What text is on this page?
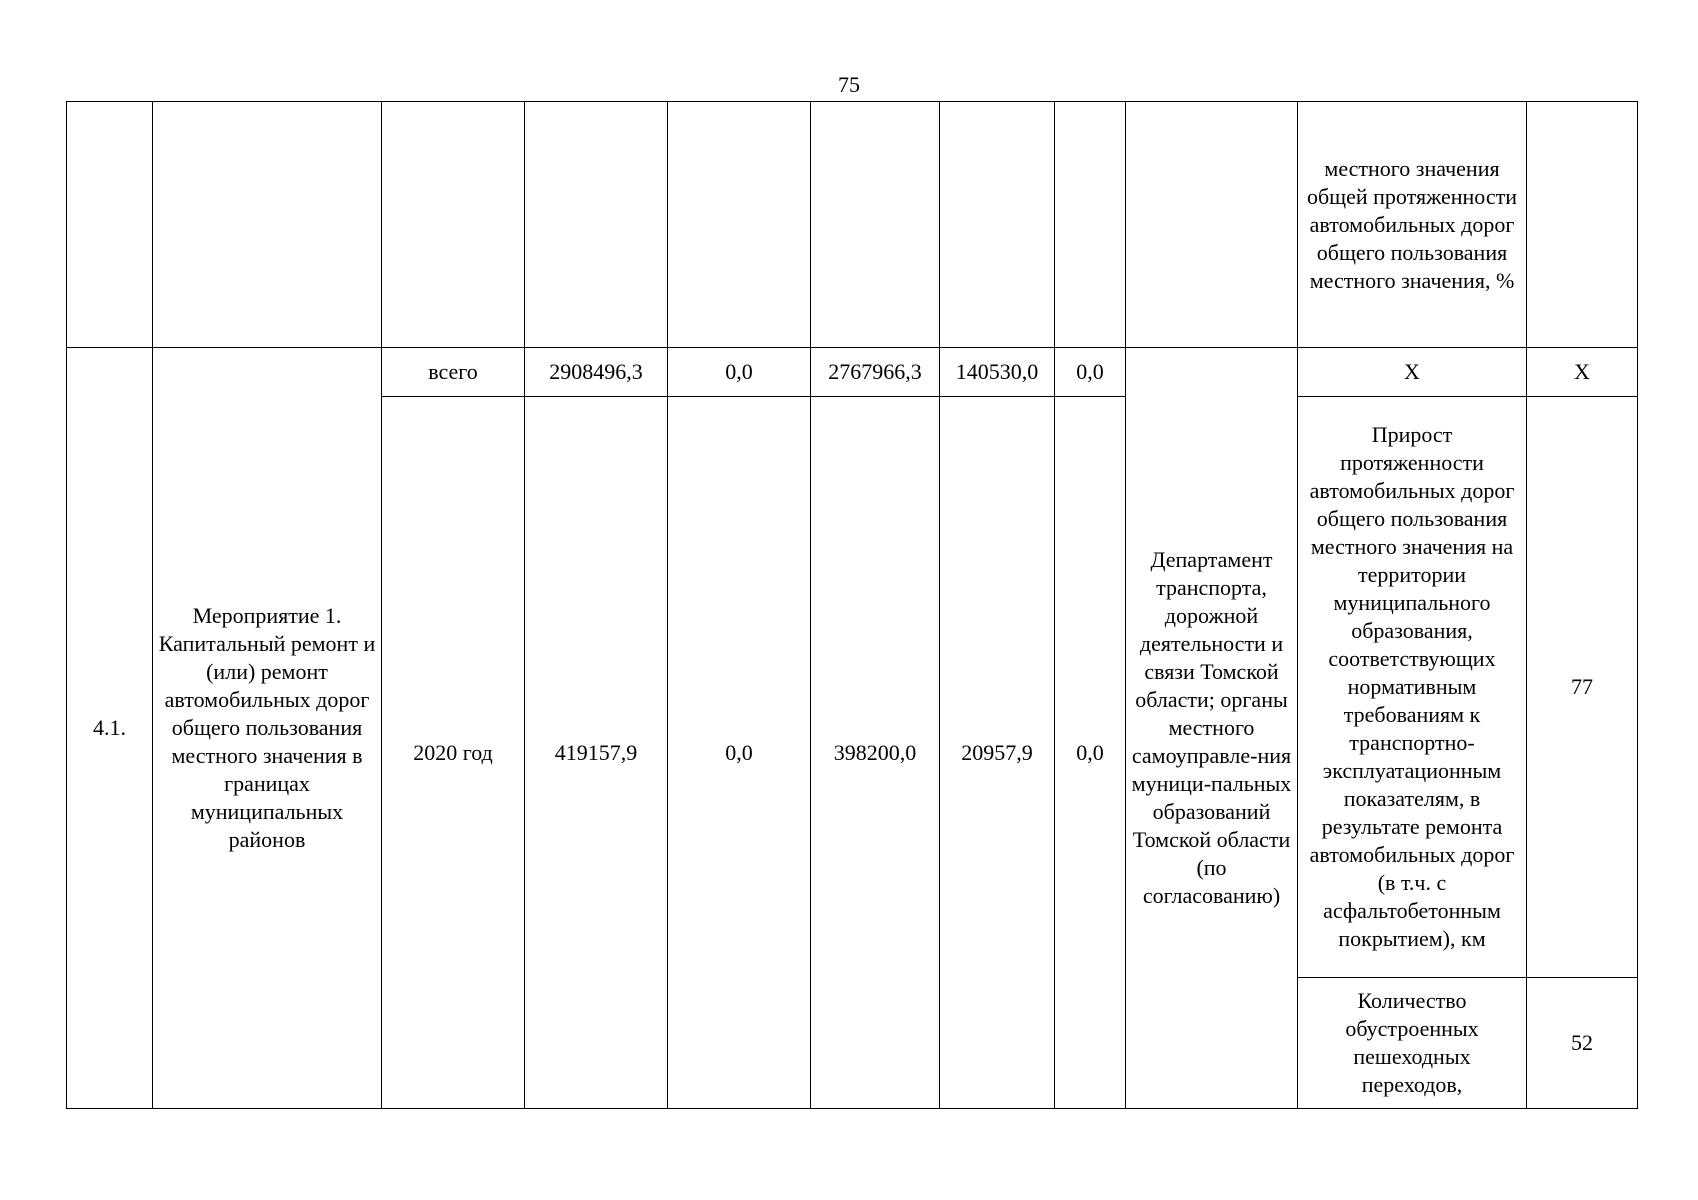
75
									местного значения общей протяженности автомобильных дорог общего пользования местного значения, %	
4.1.	Мероприятие 1. Капитальный ремонт и (или) ремонт автомобильных дорог общего пользования местного значения в границах муниципальных районов	всего	2908496,3	0,0	2767966,3	140530,0	0,0	Департамент транспорта, дорожной деятельности и связи Томской области; органы местного самоуправле-ния муници-пальных образований Томской области (по согласованию)	Х	Х
		2020 год	419157,9	0,0	398200,0	20957,9	0,0		Прирост протяженности автомобильных дорог общего пользования местного значения на территории муниципального образования, соответствующих нормативным требованиям к транспортно-эксплуатационным показателям, в результате ремонта автомобильных дорог (в т.ч. с асфальтобетонным покрытием), км	77
									Количество обустроенных пешеходных переходов,	52
